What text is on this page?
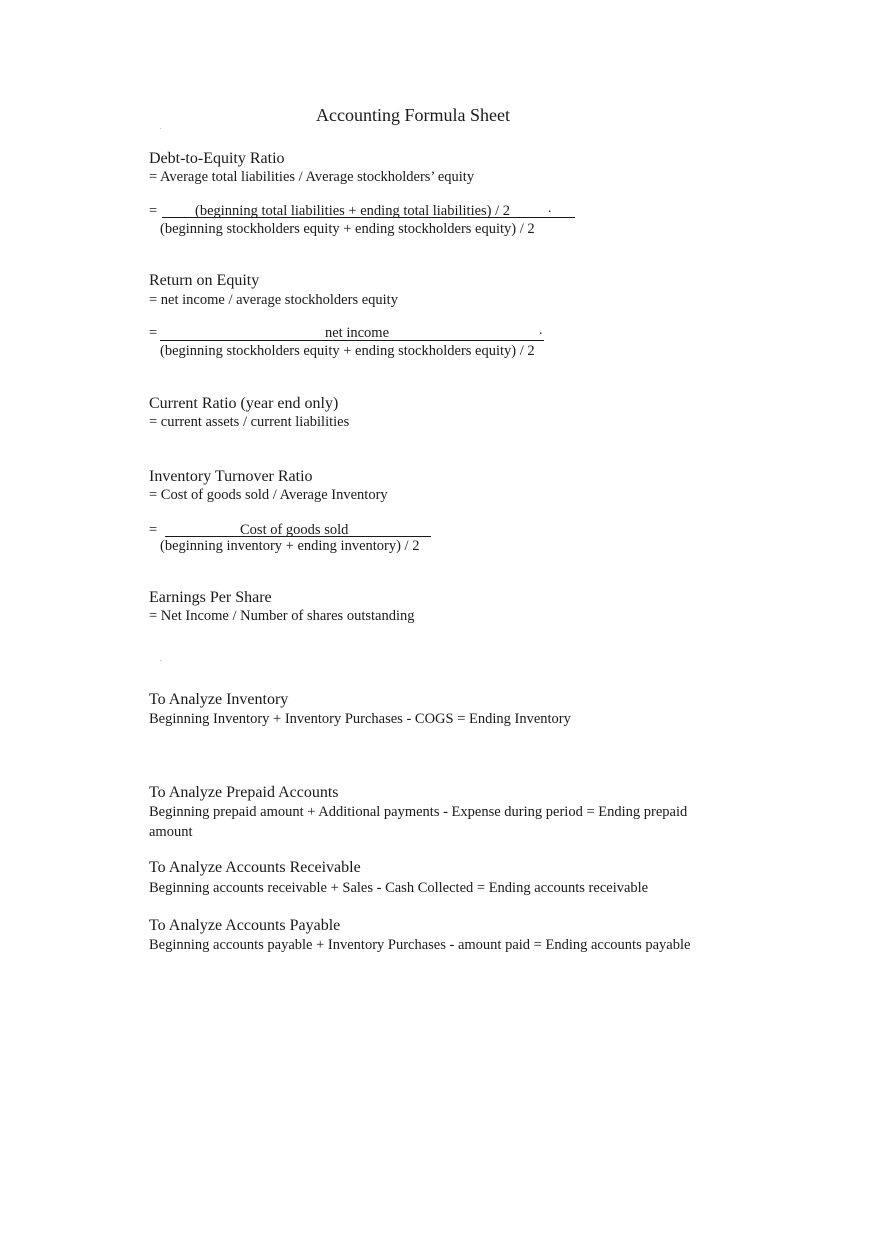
Accounting Formula Sheet
Debt-to-Equity Ratio
= Average total liabilities / Average stockholders’ equity
=	(beginning total liabilities + ending total liabilities) / 2	.
(beginning stockholders equity + ending stockholders equity) / 2
Return on Equity
= net income / average stockholders equity
=	net income	.
(beginning stockholders equity + ending stockholders equity) / 2
Current Ratio (year end only)
= current assets / current liabilities
Inventory Turnover Ratio
= Cost of goods sold / Average Inventory
=	Cost of goods sold
(beginning inventory + ending inventory) / 2
Earnings Per Share
= Net Income / Number of shares outstanding
To Analyze Inventory
Beginning Inventory + Inventory Purchases - COGS = Ending Inventory
To Analyze Prepaid Accounts
Beginning prepaid amount + Additional payments - Expense during period = Ending prepaid
amount
To Analyze Accounts Receivable
Beginning accounts receivable + Sales - Cash Collected = Ending accounts receivable
To Analyze Accounts Payable
Beginning accounts payable + Inventory Purchases - amount paid = Ending accounts payable
